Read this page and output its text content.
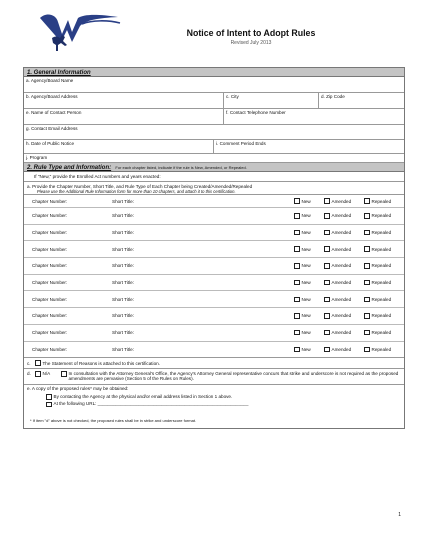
Notice of Intent to Adopt Rules
Revised July 2013
1. General Information
a. Agency/Board Name
b. Agency/Board Address	c. City	d. Zip Code
e. Name of Contact Person	f. Contact Telephone Number
g. Contact Email Address
h. Date of Public Notice	i. Comment Period Ends
j. Program
2. Rule Type and Information: For each chapter listed, indicate if the rule is New, Amended, or Repealed.
If "New," provide the Enrolled Act numbers and years enacted:
a. Provide the Chapter Number, Short Title, and Rule Type of Each Chapter being Created/Amended/Repealed
Please use the Additional Rule Information form for more than 10 chapters, and attach it to this certification.
Chapter Number:	Short Title:	New	Amended	Repealed
Chapter Number:	Short Title:	New	Amended	Repealed
Chapter Number:	Short Title:	New	Amended	Repealed
Chapter Number:	Short Title:	New	Amended	Repealed
Chapter Number:	Short Title:	New	Amended	Repealed
Chapter Number:	Short Title:	New	Amended	Repealed
Chapter Number:	Short Title:	New	Amended	Repealed
Chapter Number:	Short Title:	New	Amended	Repealed
Chapter Number:	Short Title:	New	Amended	Repealed
Chapter Number:	Short Title:	New	Amended	Repealed
c.	The Statement of Reasons is attached to this certification.
d.	N/A	In consultation with the Attorney General's Office, the Agency's Attorney General representative concurs that strike and underscore is not required as the proposed amendments are pervasive (Section 5 of the Rules on Rules).
e. A copy of the proposed rules* may be obtained:
By contacting the Agency at the physical and/or email address listed in Section 1 above.
At the following URL: ___________________________________________________________
* If item "d" above is not checked, the proposed rules shall be in strike and underscore format.
1
